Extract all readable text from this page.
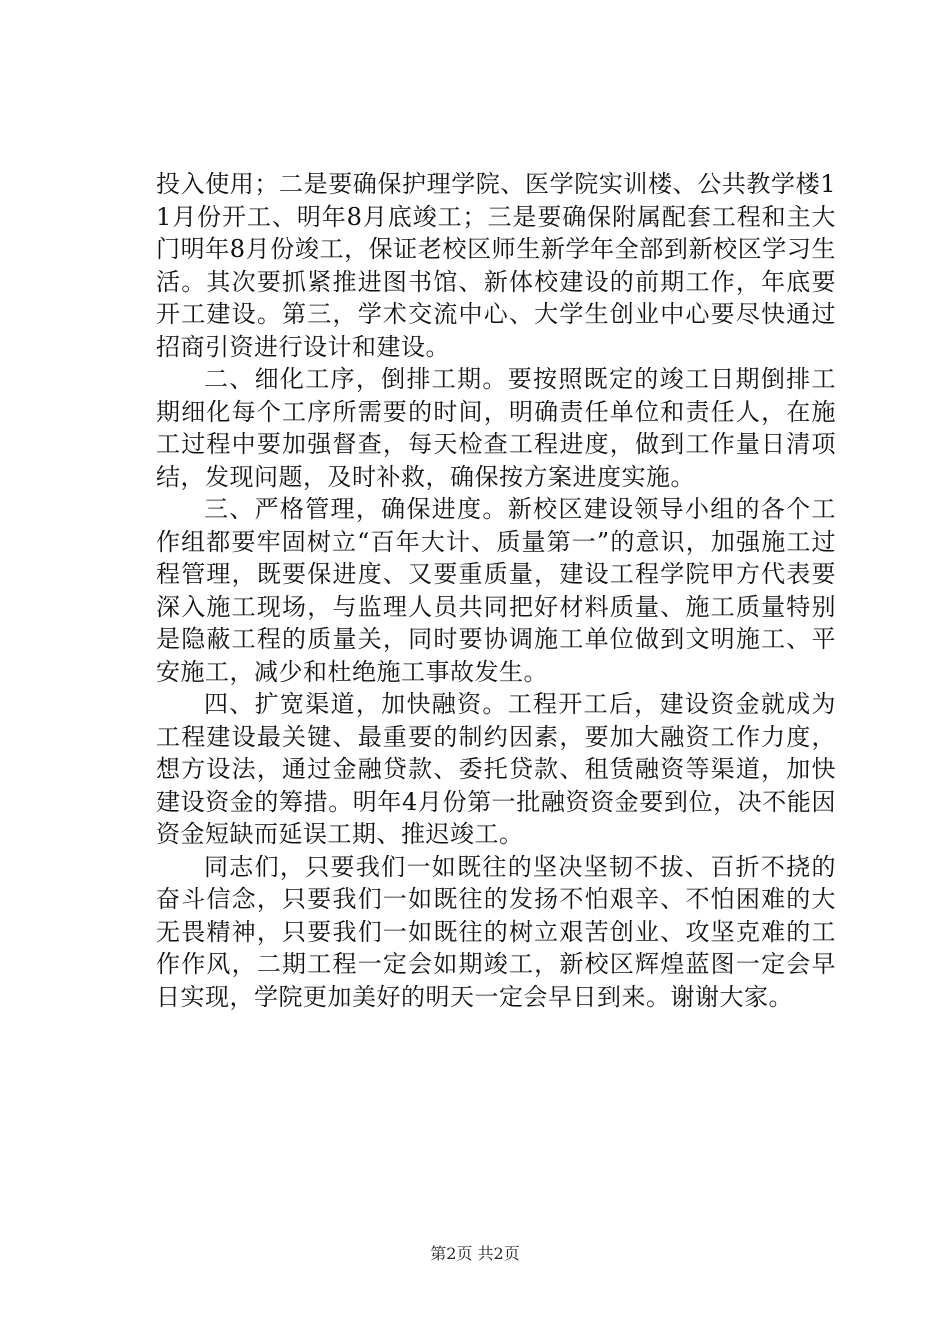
投入使用；二是要确保护理学院、医学院实训楼、公共教学楼11月份开工、明年8月底竣工；三是要确保附属配套工程和主大门明年8月份竣工，保证老校区师生新学年全部到新校区学习生活。其次要抓紧推进图书馆、新体校建设的前期工作，年底要开工建设。第三，学术交流中心、大学生创业中心要尽快通过招商引资进行设计和建设。

二、细化工序，倒排工期。要按照既定的竣工日期倒排工期细化每个工序所需要的时间，明确责任单位和责任人，在施工过程中要加强督查，每天检查工程进度，做到工作量日清项结，发现问题，及时补救，确保按方案进度实施。

三、严格管理，确保进度。新校区建设领导小组的各个工作组都要牢固树立“百年大计、质量第一”的意识，加强施工过程管理，既要保进度、又要重质量，建设工程学院甲方代表要深入施工现场，与监理人员共同把好材料质量、施工质量特别是隐蔽工程的质量关，同时要协调施工单位做到文明施工、平安施工，减少和杜绝施工事故发生。

四、扩宽渠道，加快融资。工程开工后，建设资金就成为工程建设最关键、最重要的制约因素，要加大融资工作力度，想方设法，通过金融贷款、委托贷款、租赁融资等渠道，加快建设资金的筹措。明年4月份第一批融资资金要到位，决不能因资金短缺而延误工期、推迟竣工。

同志们，只要我们一如既往的坚决坚韧不拔、百折不挠的奋斗信念，只要我们一如既往的发扬不怕艰辛、不怕困难的大无畏精神，只要我们一如既往的树立艰苦创业、攻坚克难的工作作风，二期工程一定会如期竣工，新校区辉煌蓝图一定会早日实现，学院更加美好的明天一定会早日到来。谢谢大家。

第2页 共2页
